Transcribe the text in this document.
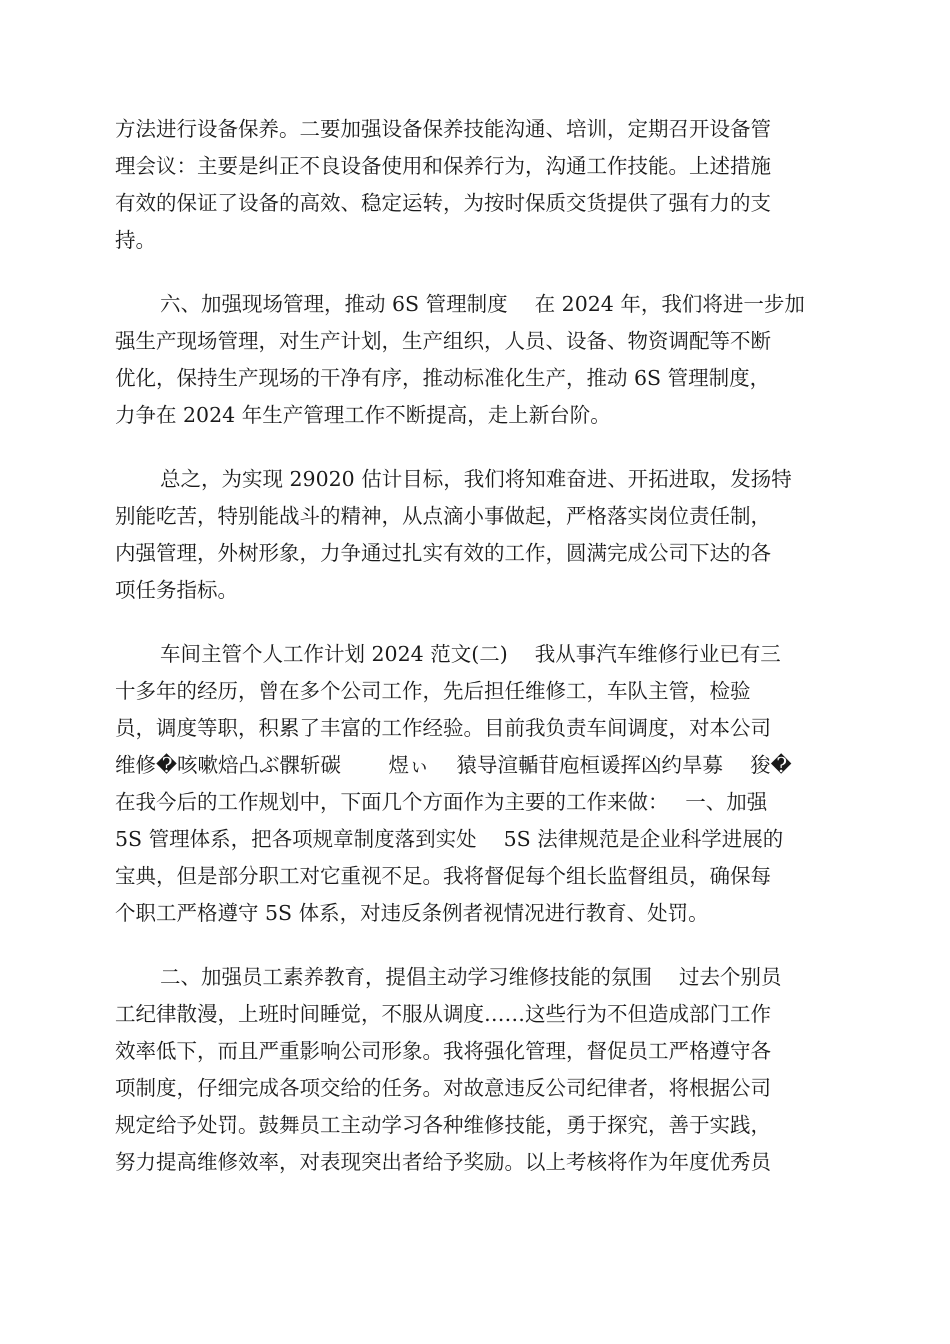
方法进行设备保养。二要加强设备保养技能沟通、培训，定期召开设备管
理会议：主要是纠正不良设备使用和保养行为，沟通工作技能。上述措施
有效的保证了设备的高效、稳定运转，为按时保质交货提供了强有力的支
持。
六、加强现场管理，推动 6S 管理制度　 在 2024 年，我们将进一步加
强生产现场管理，对生产计划，生产组织，人员、设备、物资调配等不断
优化，保持生产现场的干净有序，推动标准化生产，推动 6S 管理制度，
力争在 2024 年生产管理工作不断提高，走上新台阶。
总之，为实现 29020 估计目标，我们将知难奋进、开拓进取，发扬特
别能吃苦，特别能战斗的精神，从点滴小事做起，严格落实岗位责任制，
内强管理，外树形象，力争通过扎实有效的工作，圆满完成公司下达的各
项任务指标。
车间主管个人工作计划 2024 范文(二)　 我从事汽车维修行业已有三
十多年的经历，曾在多个公司工作，先后担任维修工，车队主管，检验
员，调度等职，积累了丰富的工作经验。目前我负责车间调度，对本公司
维修�咳嗽焙凸ぶ髁斩碳　　 煜ぃ　 猿导渲輴苷庖桓谖挥凶约旱募　 狻�
在我今后的工作规划中，下面几个方面作为主要的工作来做：　 一、加强
5S 管理体系，把各项规章制度落到实处　 5S 法律规范是企业科学进展的
宝典，但是部分职工对它重视不足。我将督促每个组长监督组员，确保每
个职工严格遵守 5S 体系，对违反条例者视情况进行教育、处罚。
二、加强员工素养教育，提倡主动学习维修技能的氛围　 过去个别员
工纪律散漫，上班时间睡觉，不服从调度……这些行为不但造成部门工作
效率低下，而且严重影响公司形象。我将强化管理，督促员工严格遵守各
项制度，仔细完成各项交给的任务。对故意违反公司纪律者，将根据公司
规定给予处罚。鼓舞员工主动学习各种维修技能，勇于探究，善于实践，
努力提高维修效率，对表现突出者给予奖励。以上考核将作为年度优秀员
